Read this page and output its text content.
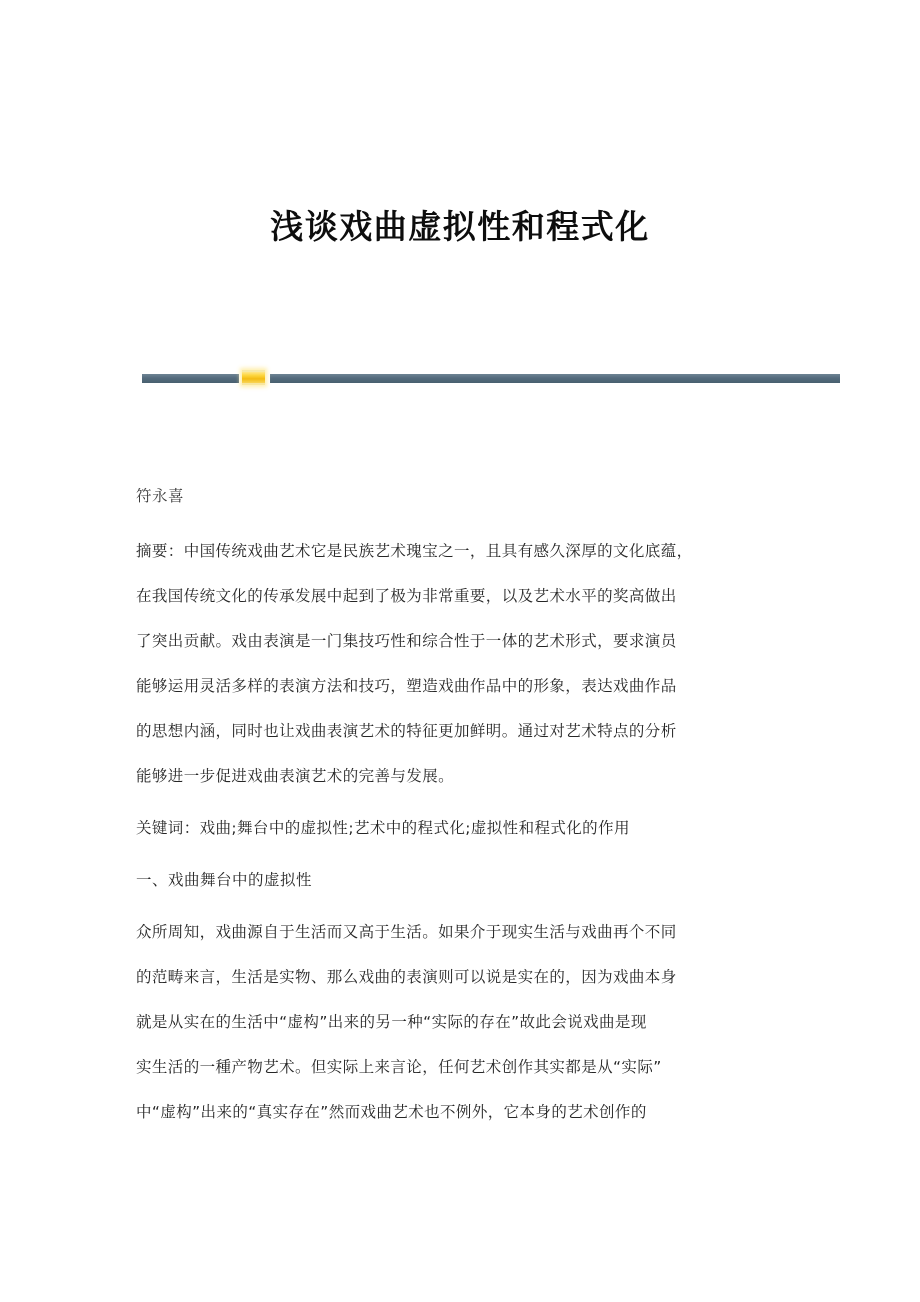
浅谈戏曲虚拟性和程式化

符永喜

摘要：中国传统戏曲艺术它是民族艺术瑰宝之一，且具有感久深厚的文化底蕴，
在我国传统文化的传承发展中起到了极为非常重要，以及艺术水平的奖高做出
了突出贡献。戏由表演是一门集技巧性和综合性于一体的艺术形式，要求演员
能够运用灵活多样的表演方法和技巧，塑造戏曲作品中的形象，表达戏曲作品
的思想内涵，同时也让戏曲表演艺术的特征更加鲜明。通过对艺术特点的分析
能够进一步促进戏曲表演艺术的完善与发展。

关键词：戏曲;舞台中的虚拟性;艺术中的程式化;虚拟性和程式化的作用

一、戏曲舞台中的虚拟性

众所周知，戏曲源自于生活而又高于生活。如果介于现实生活与戏曲再个不同
的范畴来言，生活是实物、那么戏曲的表演则可以说是实在的，因为戏曲本身
就是从实在的生活中“虚构”出来的另一种“实际的存在”故此会说戏曲是现
实生活的一種产物艺术。但实际上来言论，任何艺术创作其实都是从“实际”
中“虚构”出来的“真实存在”然而戏曲艺术也不例外，它本身的艺术创作的
